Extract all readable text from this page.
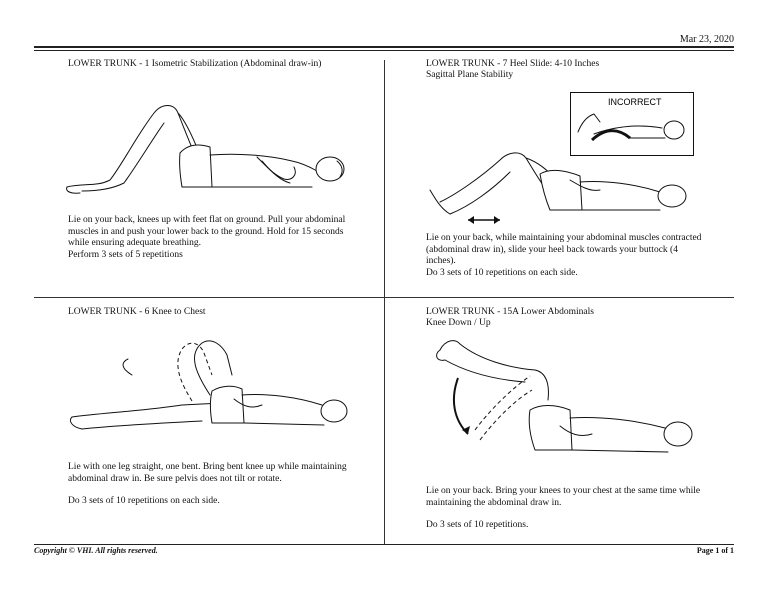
Mar 23, 2020

LOWER TRUNK - 1 Isometric Stabilization (Abdominal draw-in)

Lie on your back, knees up with feet flat on ground. Pull your abdominal muscles in and push your lower back to the ground. Hold for 15 seconds while ensuring adequate breathing.

Perform 3 sets of 5 repetitions

LOWER TRUNK - 7 Heel Slide: 4-10 Inches

Sagittal Plane Stability

INCORRECT

Lie on your back, while maintaining your abdominal muscles contracted (abdominal draw in), slide your heel back towards your buttock (4 inches).

Do 3 sets of 10 repetitions on each side.

LOWER TRUNK - 6 Knee to Chest

Lie with one leg straight, one bent. Bring bent knee up while maintaining abdominal draw in. Be sure pelvis does not tilt or rotate.

Do 3 sets of 10 repetitions on each side.

LOWER TRUNK - 15A Lower Abdominals

Knee Down / Up

Lie on your back. Bring your knees to your chest at the same time while maintaining the abdominal draw in.

Do 3 sets of 10 repetitions.

Copyright © VHI. All rights reserved.	Page 1 of 1
